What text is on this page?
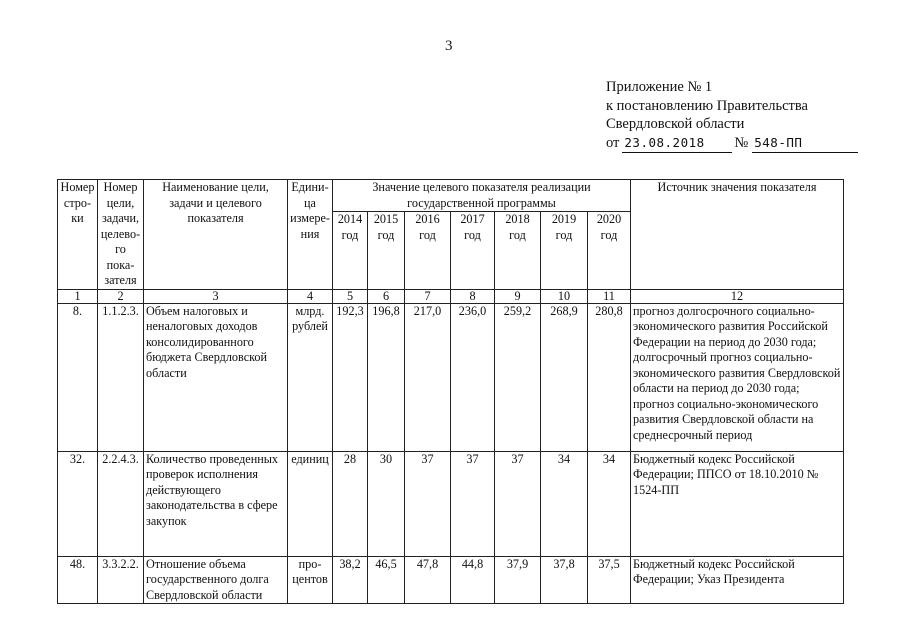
3
Приложение № 1
к постановлению Правительства
Свердловской области
от 23.08.2018	№ 548-ПП
Номер стро-ки	Номер цели, задачи, целево-го пока-зателя	Наименование цели, задачи и целевого показателя	Едини-ца измере-ния	Значение целевого показателя реализации государственной программы							Источник значения показателя
				2014 год	2015 год	2016 год	2017 год	2018 год	2019 год	2020 год	
1	2	3	4	5	6	7	8	9	10	11	12
8.	1.1.2.3.	Объем налоговых и неналоговых доходов консолидированного бюджета Свердловской области	млрд. рублей	192,3	196,8	217,0	236,0	259,2	268,9	280,8	прогноз долгосрочного социально-экономического развития Российской Федерации на период до 2030 года; долгосрочный прогноз социально-экономического развития Свердловской области на период до 2030 года; прогноз социально-экономического развития Свердловской области на среднесрочный период
32.	2.2.4.3.	Количество проведенных проверок исполнения действующего законодательства в сфере закупок	единиц	28	30	37	37	37	34	34	Бюджетный кодекс Российской Федерации; ППСО от 18.10.2010 № 1524-ПП
48.	3.3.2.2.	Отношение объема государственного долга Свердловской области	про-центов	38,2	46,5	47,8	44,8	37,9	37,8	37,5	Бюджетный кодекс Российской Федерации; Указ Президента
